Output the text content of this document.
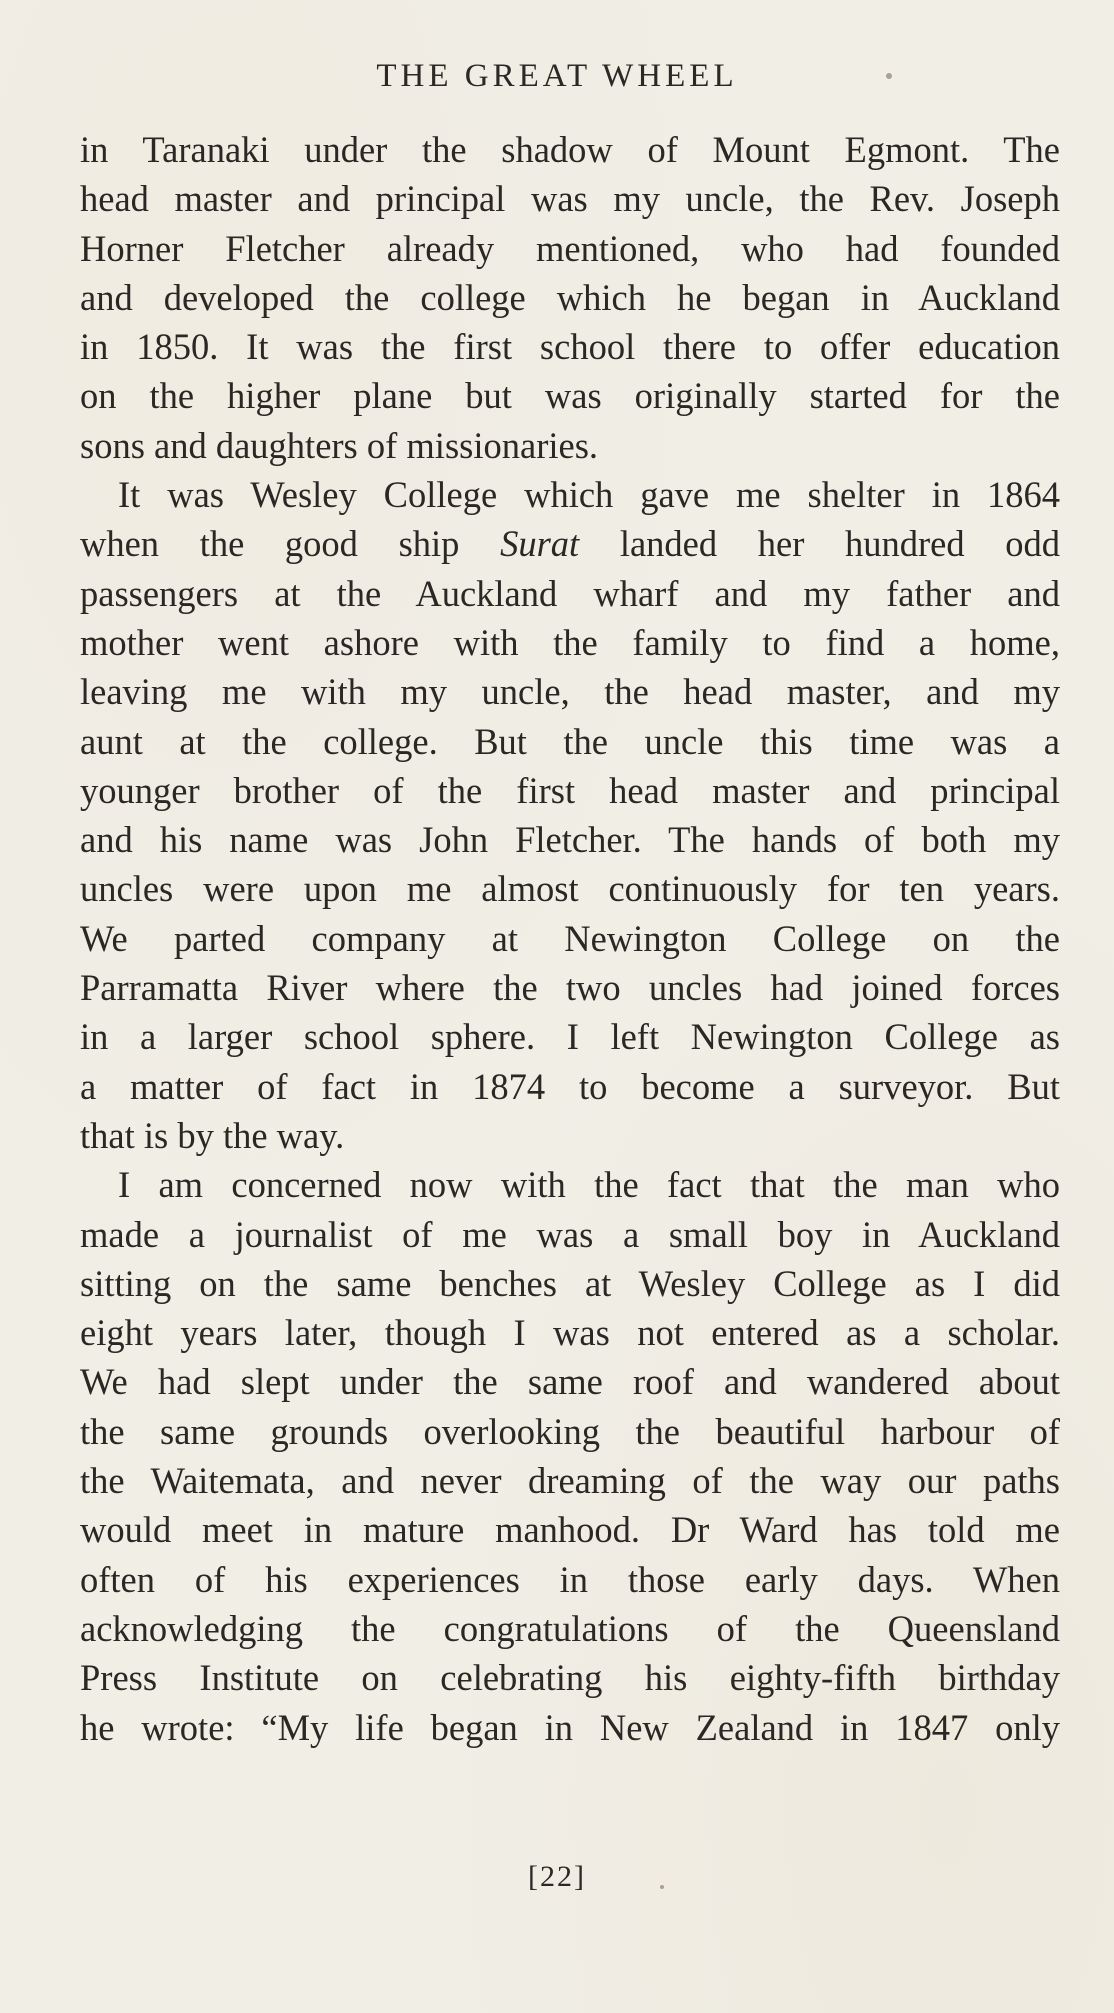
THE GREAT WHEEL
in Taranaki under the shadow of Mount Egmont. The
head master and principal was my uncle, the Rev. Joseph
Horner Fletcher already mentioned, who had founded
and developed the college which he began in Auckland
in 1850. It was the first school there to offer education
on the higher plane but was originally started for the
sons and daughters of missionaries.
It was Wesley College which gave me shelter in 1864
when the good ship Surat landed her hundred odd
passengers at the Auckland wharf and my father and
mother went ashore with the family to find a home,
leaving me with my uncle, the head master, and my
aunt at the college. But the uncle this time was a
younger brother of the first head master and principal
and his name was John Fletcher. The hands of both my
uncles were upon me almost continuously for ten years.
We parted company at Newington College on the
Parramatta River where the two uncles had joined forces
in a larger school sphere. I left Newington College as
a matter of fact in 1874 to become a surveyor. But
that is by the way.
I am concerned now with the fact that the man who
made a journalist of me was a small boy in Auckland
sitting on the same benches at Wesley College as I did
eight years later, though I was not entered as a scholar.
We had slept under the same roof and wandered about
the same grounds overlooking the beautiful harbour of
the Waitemata, and never dreaming of the way our paths
would meet in mature manhood. Dr Ward has told me
often of his experiences in those early days. When
acknowledging the congratulations of the Queensland
Press Institute on celebrating his eighty-fifth birthday
he wrote: “My life began in New Zealand in 1847 only
[22]
